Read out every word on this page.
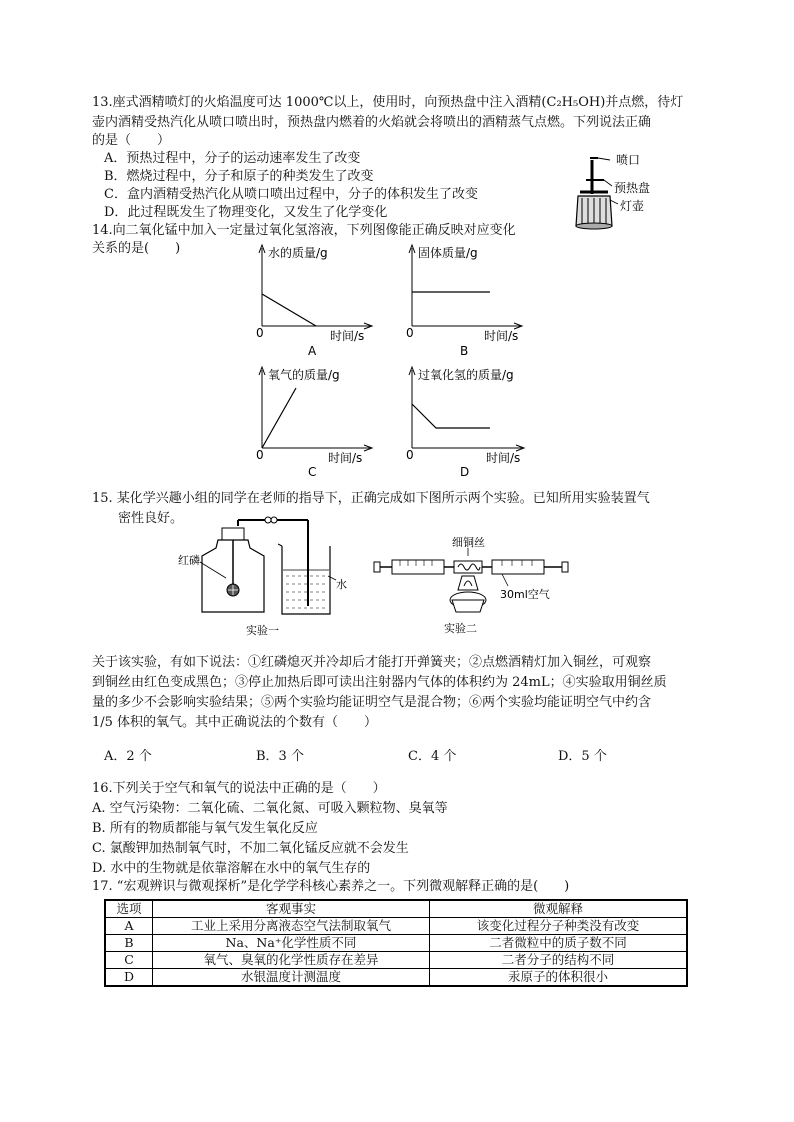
13.座式酒精喷灯的火焰温度可达 1000℃以上，使用时，向预热盘中注入酒精(C₂H₅OH)并点燃，待灯
壶内酒精受热汽化从喷口喷出时，预热盘内燃着的火焰就会将喷出的酒精蒸气点燃。下列说法正确
的是（　　）
A．预热过程中，分子的运动速率发生了改变
B．燃烧过程中，分子和原子的种类发生了改变
C．盒内酒精受热汽化从喷口喷出过程中，分子的体积发生了改变
D．此过程既发生了物理变化，又发生了化学变化
喷口
预热盘
灯壶
14.向二氧化锰中加入一定量过氧化氢溶液，下列图像能正确反映对应变化
关系的是(　　)	水的质量/g
0	时间/s
A
固体质量/g
0	时间/s
B
氧气的质量/g
0	时间/s
C
过氧化氢的质量/g
0	时间/s
D
15. 某化学兴趣小组的同学在老师的指导下，正确完成如下图所示两个实验。已知所用实验装置气
密性良好。
红磷
水
实验一
细铜丝
30ml空气
实验二
关于该实验，有如下说法：①红磷熄灭并冷却后才能打开弹簧夹；②点燃酒精灯加入铜丝，可观察
到铜丝由红色变成黑色；③停止加热后即可读出注射器内气体的体积约为 24mL；④实验取用铜丝质
量的多少不会影响实验结果；⑤两个实验均能证明空气是混合物；⑥两个实验均能证明空气中约含
1/5 体积的氧气。其中正确说法的个数有（　　）
A．2 个	B．3 个	C．4 个	D．5 个
16.下列关于空气和氧气的说法中正确的是（　　）
A. 空气污染物：二氧化硫、二氧化氮、可吸入颗粒物、臭氧等
B. 所有的物质都能与氧气发生氧化反应
C. 氯酸钾加热制氧气时，不加二氧化锰反应就不会发生
D. 水中的生物就是依靠溶解在水中的氧气生存的
17. “宏观辨识与微观探析”是化学学科核心素养之一。下列微观解释正确的是(　　)
选项	客观事实	微观解释
A	工业上采用分离液态空气法制取氧气	该变化过程分子种类没有改变
B	Na、Na⁺化学性质不同	二者微粒中的质子数不同
C	氧气、臭氧的化学性质存在差异	二者分子的结构不同
D	水银温度计测温度	汞原子的体积很小
